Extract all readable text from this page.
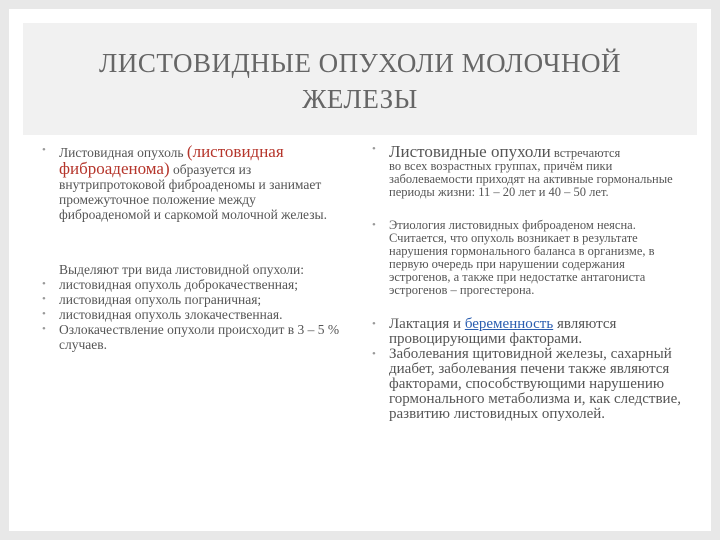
ЛИСТОВИДНЫЕ ОПУХОЛИ МОЛОЧНОЙ
ЖЕЛЕЗЫ

• Листовидная опухоль (листовидная фиброаденома) образуется из внутрипротоковой фиброаденомы и занимает промежуточное положение между фиброаденомой и саркомой молочной железы.

Выделяют три вида листовидной опухоли:

• листовидная опухоль доброкачественная;

• листовидная опухоль пограничная;

• листовидная опухоль злокачественная.

• Озлокачествление опухоли происходит в 3 – 5 % случаев.

• Листовидные опухоли встречаются
во всех возрастных группах, причём пики заболеваемости приходят на активные гормональные периоды жизни: 11 – 20 лет и 40 – 50 лет.

• Этиология листовидных фиброаденом неясна. Считается, что опухоль возникает в результате нарушения гормонального баланса в организме, в первую очередь при нарушении содержания эстрогенов, а также при недостатке антагониста эстрогенов – прогестерона.

• Лактация и беременность являются провоцирующими факторами.

• Заболевания щитовидной железы, сахарный диабет, заболевания печени также являются факторами, способствующими нарушению гормонального метаболизма и, как следствие, развитию листовидных опухолей.
